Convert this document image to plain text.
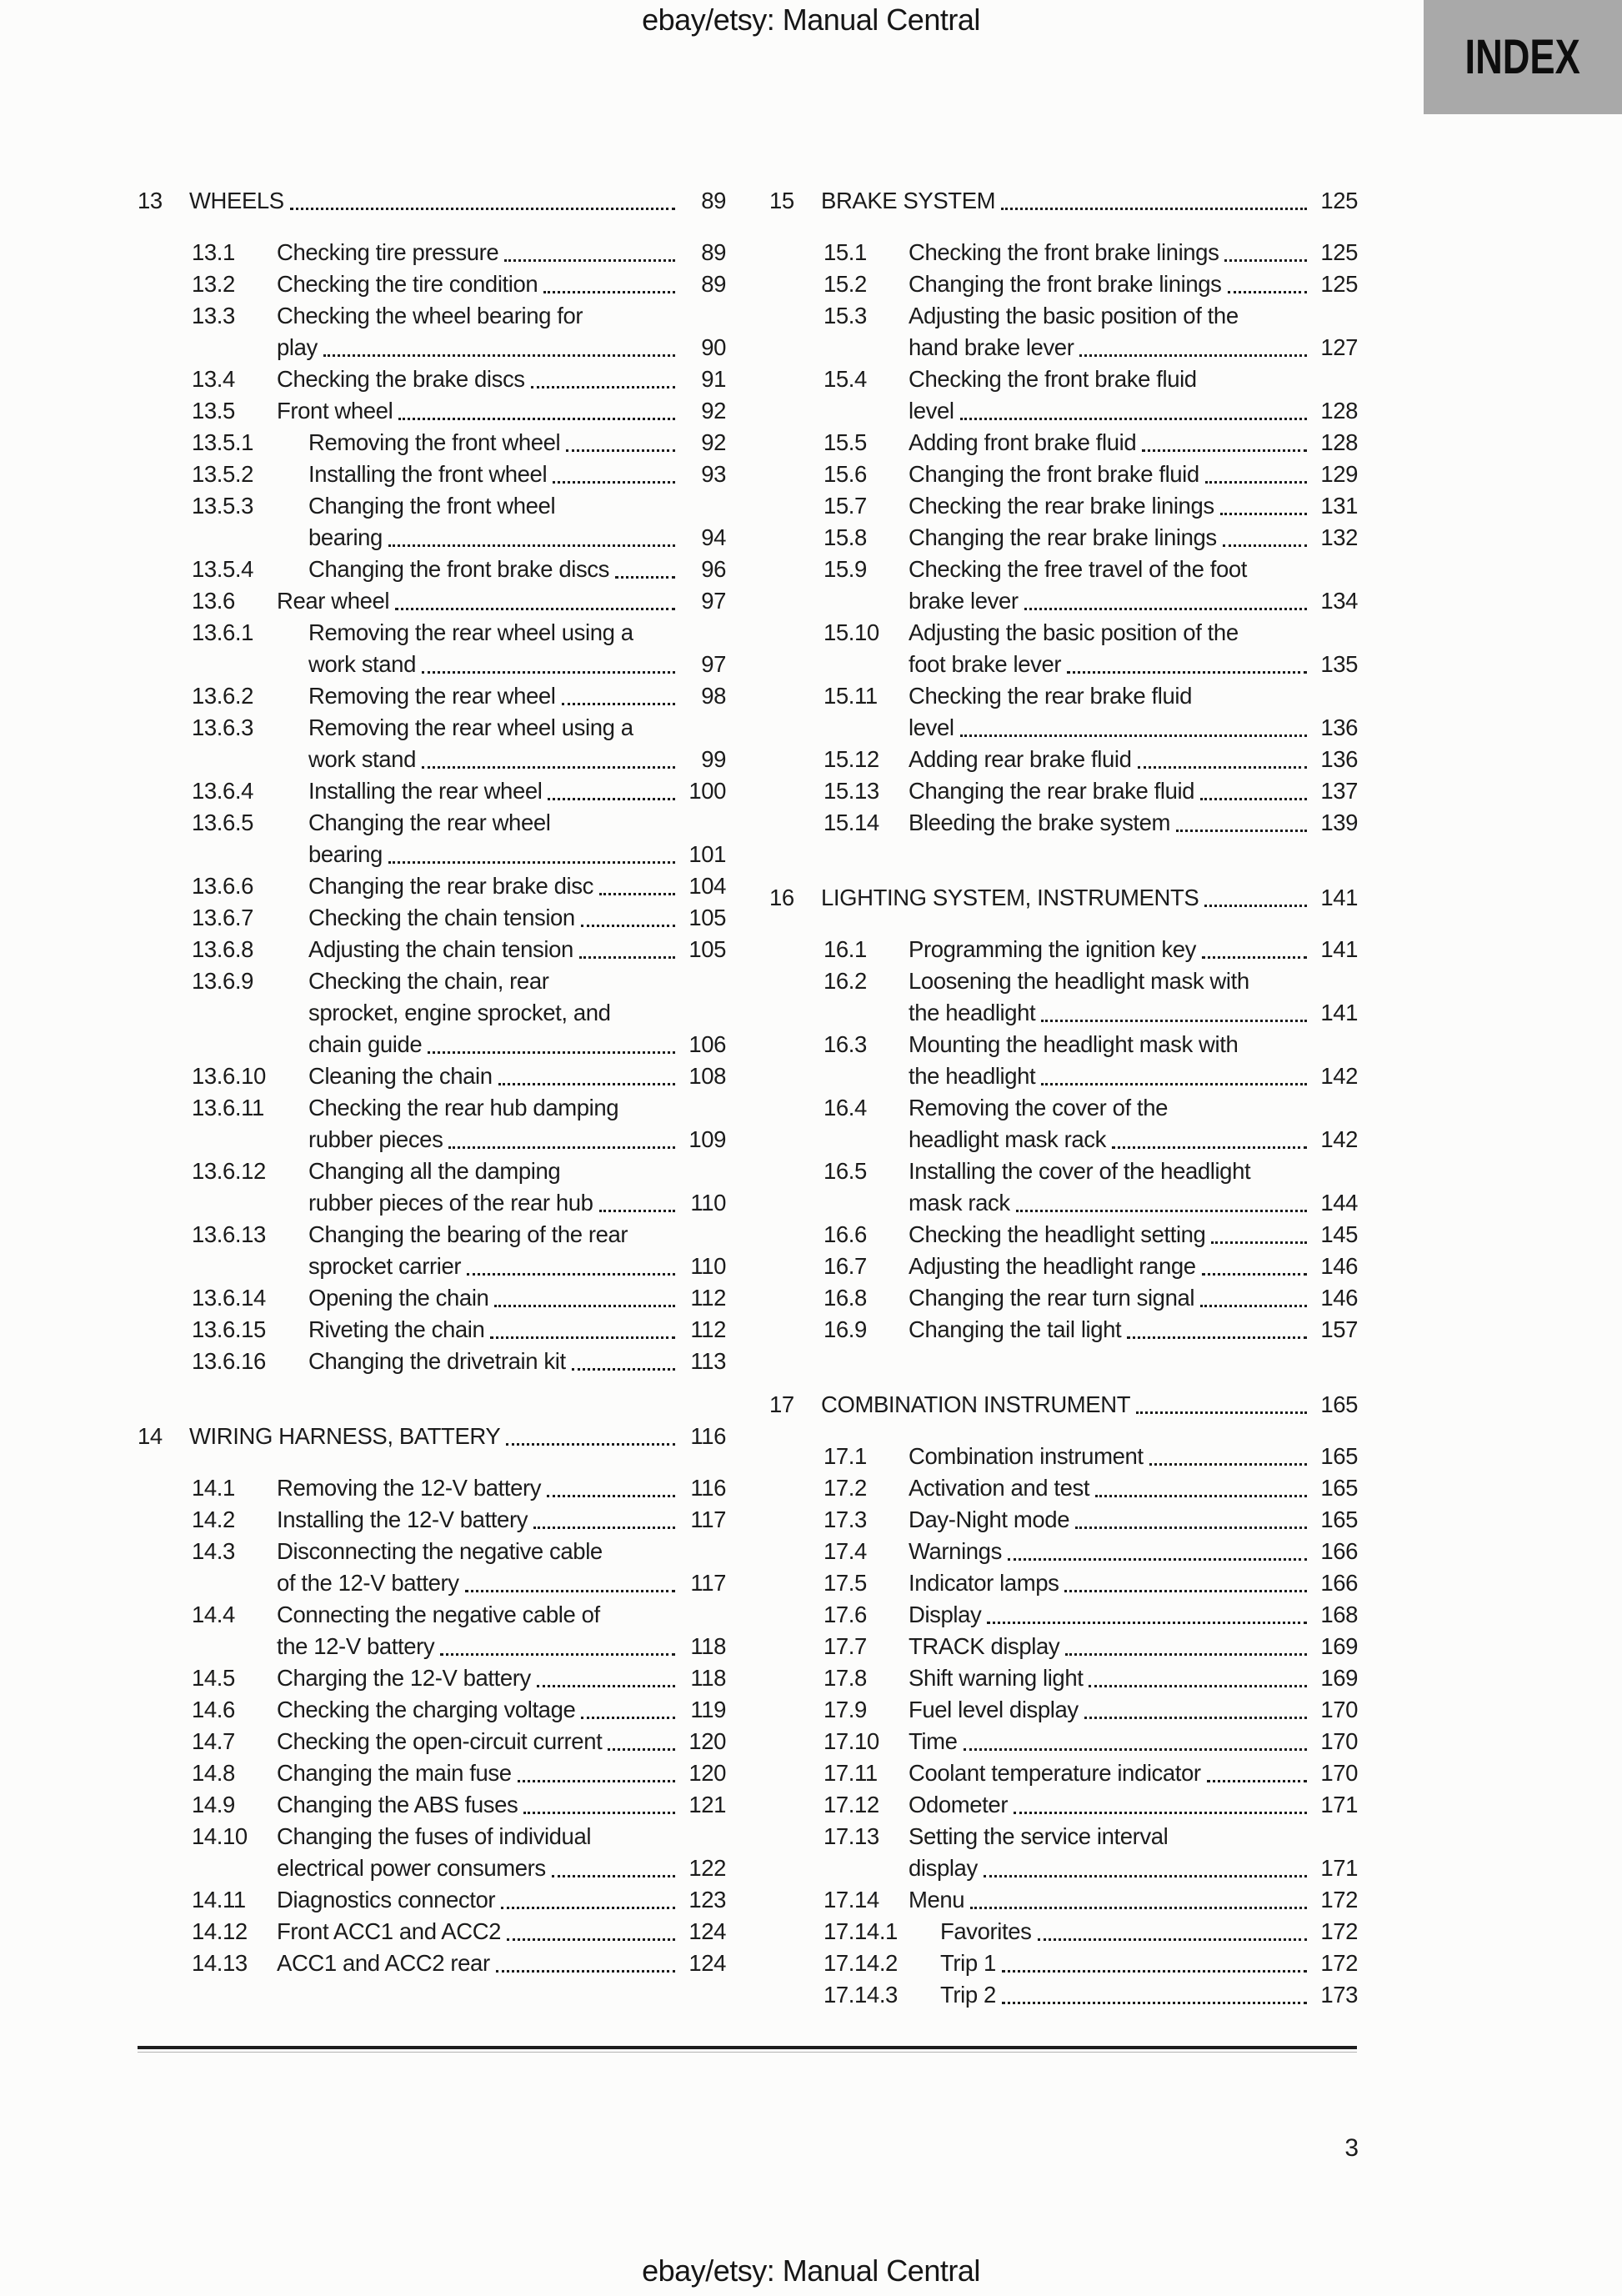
ebay/etsy: Manual Central
INDEX
13	WHEELS	89
13.1	Checking tire pressure	89
13.2	Checking the tire condition	89
13.3	Checking the wheel bearing for
play	90
13.4	Checking the brake discs	91
13.5	Front wheel	92
13.5.1	Removing the front wheel	92
13.5.2	Installing the front wheel	93
13.5.3	Changing the front wheel
bearing	94
13.5.4	Changing the front brake discs	96
13.6	Rear wheel	97
13.6.1	Removing the rear wheel using a
work stand	97
13.6.2	Removing the rear wheel	98
13.6.3	Removing the rear wheel using a
work stand	99
13.6.4	Installing the rear wheel	100
13.6.5	Changing the rear wheel
bearing	101
13.6.6	Changing the rear brake disc	104
13.6.7	Checking the chain tension	105
13.6.8	Adjusting the chain tension	105
13.6.9	Checking the chain, rear
sprocket, engine sprocket, and
chain guide	106
13.6.10	Cleaning the chain	108
13.6.11	Checking the rear hub damping
rubber pieces	109
13.6.12	Changing all the damping
rubber pieces of the rear hub	110
13.6.13	Changing the bearing of the rear
sprocket carrier	110
13.6.14	Opening the chain	112
13.6.15	Riveting the chain	112
13.6.16	Changing the drivetrain kit	113
14	WIRING HARNESS, BATTERY	116
14.1	Removing the 12-V battery	116
14.2	Installing the 12-V battery	117
14.3	Disconnecting the negative cable
of the 12-V battery	117
14.4	Connecting the negative cable of
the 12-V battery	118
14.5	Charging the 12-V battery	118
14.6	Checking the charging voltage	119
14.7	Checking the open-circuit current	120
14.8	Changing the main fuse	120
14.9	Changing the ABS fuses	121
14.10	Changing the fuses of individual
electrical power consumers	122
14.11	Diagnostics connector	123
14.12	Front ACC1 and ACC2	124
14.13	ACC1 and ACC2 rear	124
15	BRAKE SYSTEM	125
15.1	Checking the front brake linings	125
15.2	Changing the front brake linings	125
15.3	Adjusting the basic position of the
hand brake lever	127
15.4	Checking the front brake fluid
level	128
15.5	Adding front brake fluid	128
15.6	Changing the front brake fluid	129
15.7	Checking the rear brake linings	131
15.8	Changing the rear brake linings	132
15.9	Checking the free travel of the foot
brake lever	134
15.10	Adjusting the basic position of the
foot brake lever	135
15.11	Checking the rear brake fluid
level	136
15.12	Adding rear brake fluid	136
15.13	Changing the rear brake fluid	137
15.14	Bleeding the brake system	139
16	LIGHTING SYSTEM, INSTRUMENTS	141
16.1	Programming the ignition key	141
16.2	Loosening the headlight mask with
the headlight	141
16.3	Mounting the headlight mask with
the headlight	142
16.4	Removing the cover of the
headlight mask rack	142
16.5	Installing the cover of the headlight
mask rack	144
16.6	Checking the headlight setting	145
16.7	Adjusting the headlight range	146
16.8	Changing the rear turn signal	146
16.9	Changing the tail light	157
17	COMBINATION INSTRUMENT	165
17.1	Combination instrument	165
17.2	Activation and test	165
17.3	Day-Night mode	165
17.4	Warnings	166
17.5	Indicator lamps	166
17.6	Display	168
17.7	TRACK display	169
17.8	Shift warning light	169
17.9	Fuel level display	170
17.10	Time	170
17.11	Coolant temperature indicator	170
17.12	Odometer	171
17.13	Setting the service interval
display	171
17.14	Menu	172
17.14.1	Favorites	172
17.14.2	Trip 1	172
17.14.3	Trip 2	173
3
ebay/etsy: Manual Central
